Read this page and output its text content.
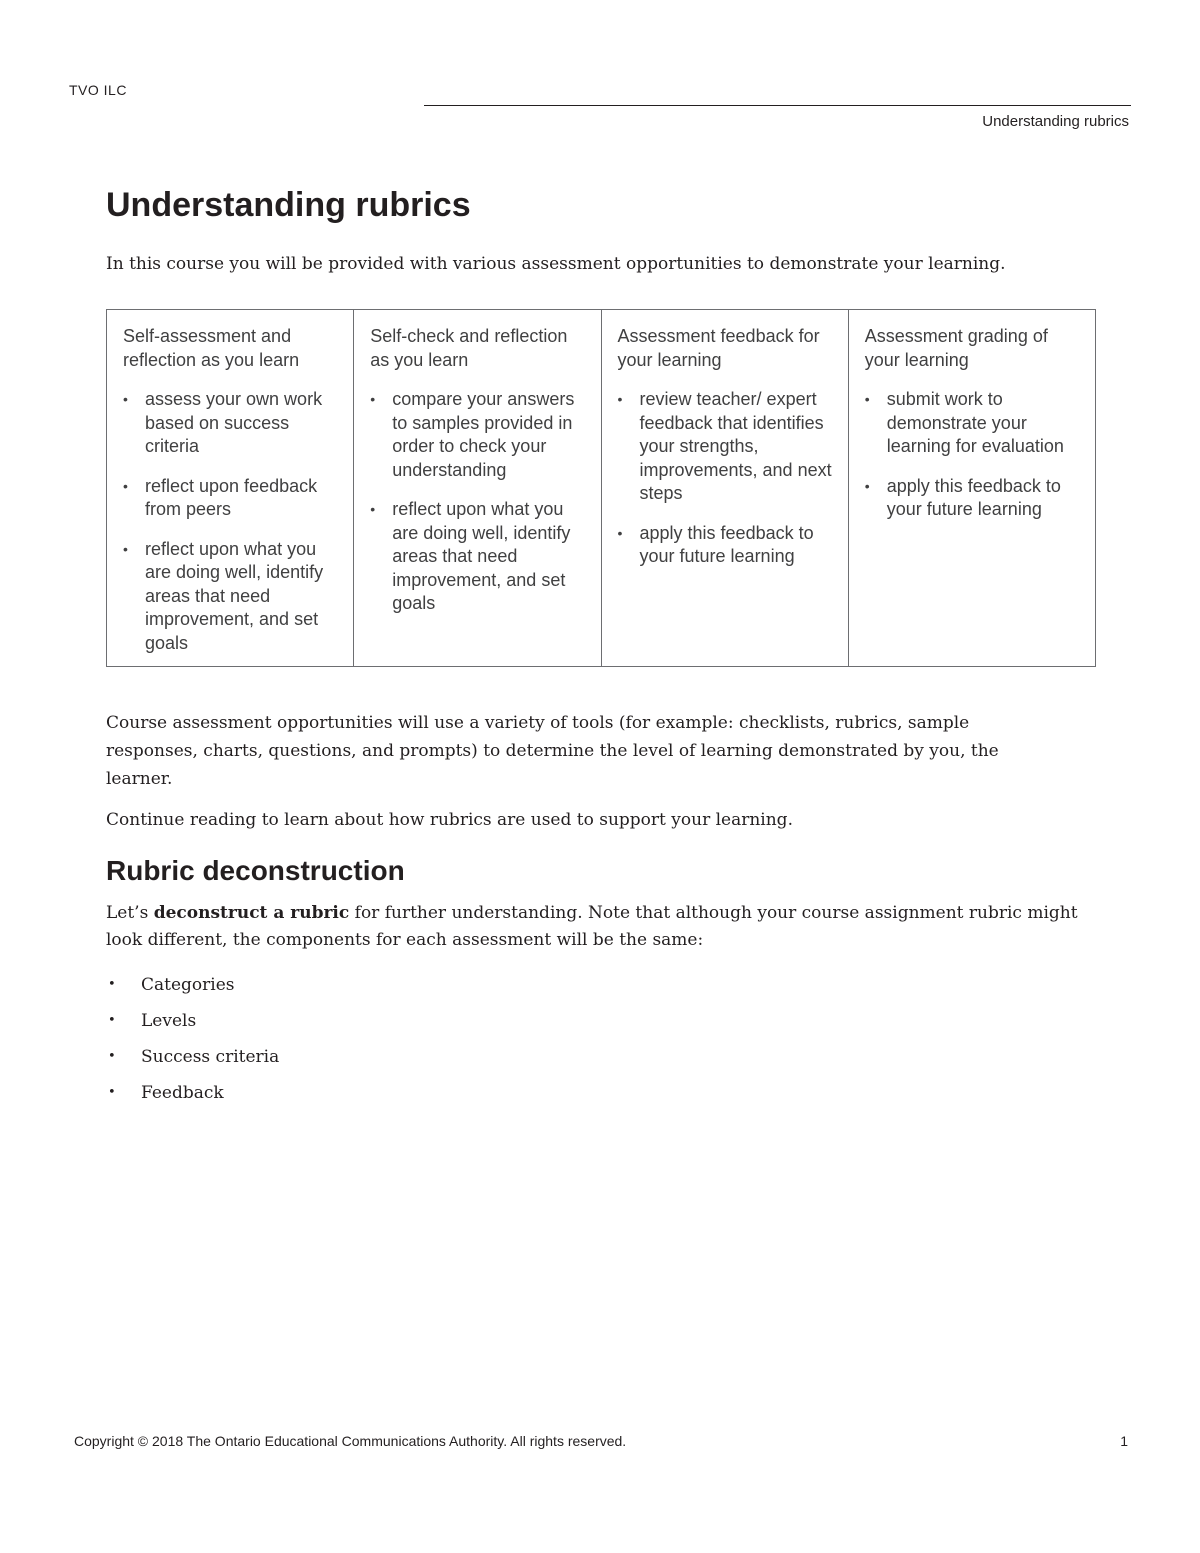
TVO ILC
Understanding rubrics
Understanding rubrics

In this course you will be provided with various assessment opportunities to demonstrate your learning.

Self-assessment and reflection as you learn

• assess your own work based on success criteria
• reflect upon feedback from peers
• reflect upon what you are doing well, identify areas that need improvement, and set goals

Self-check and reflection as you learn

• compare your answers to samples provided in order to check your understanding
• reflect upon what you are doing well, identify areas that need improvement, and set goals

Assessment feedback for your learning

• review teacher/ expert feedback that identifies your strengths, improvements, and next steps
• apply this feedback to your future learning

Assessment grading of your learning

• submit work to demonstrate your learning for evaluation
• apply this feedback to your future learning

Course assessment opportunities will use a variety of tools (for example: checklists, rubrics, sample responses, charts, questions, and prompts) to determine the level of learning demonstrated by you, the learner.

Continue reading to learn about how rubrics are used to support your learning.

Rubric deconstruction

Let’s deconstruct a rubric for further understanding. Note that although your course assignment rubric might look different, the components for each assessment will be the same:

• Categories
• Levels
• Success criteria
• Feedback
Copyright © 2018 The Ontario Educational Communications Authority. All rights reserved.	1
